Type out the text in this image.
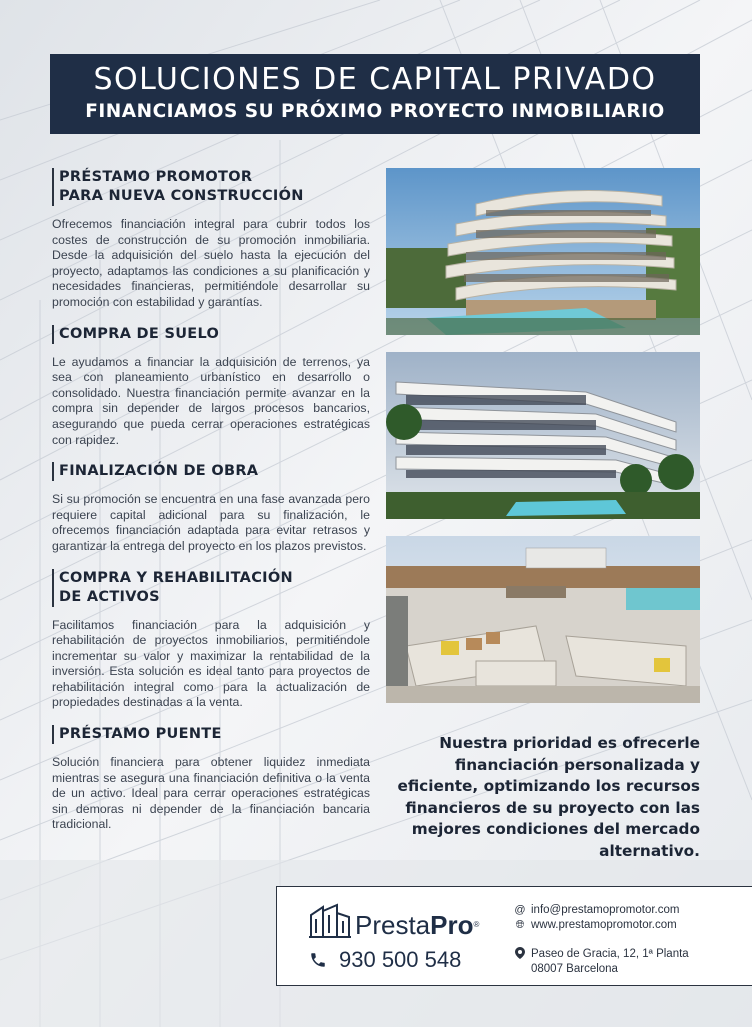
SOLUCIONES DE CAPITAL PRIVADO
FINANCIAMOS SU PRÓXIMO PROYECTO INMOBILIARIO
PRÉSTAMO PROMOTOR
PARA NUEVA CONSTRUCCIÓN

Ofrecemos financiación integral para cubrir todos los costes de construcción de su promoción inmobiliaria. Desde la adquisición del suelo hasta la ejecución del proyecto, adaptamos las condiciones a su planificación y necesidades financieras, permitiéndole desarrollar su promoción con estabilidad y garantías.

COMPRA DE SUELO

Le ayudamos a financiar la adquisición de terrenos, ya sea con planeamiento urbanístico en desarrollo o consolidado. Nuestra financiación permite avanzar en la compra sin depender de largos procesos bancarios, asegurando que pueda cerrar operaciones estratégicas con rapidez.

FINALIZACIÓN DE OBRA

Si su promoción se encuentra en una fase avanzada pero requiere capital adicional para su finalización, le ofrecemos financiación adaptada para evitar retrasos y garantizar la entrega del proyecto en los plazos previstos.

COMPRA Y REHABILITACIÓN
DE ACTIVOS

Facilitamos financiación para la adquisición y rehabilitación de proyectos inmobiliarios, permitiéndole incrementar su valor y maximizar la rentabilidad de la inversión. Esta solución es ideal tanto para proyectos de rehabilitación integral como para la actualización de propiedades destinadas a la venta.

PRÉSTAMO PUENTE

Solución financiera para obtener liquidez inmediata mientras se asegura una financiación definitiva o la venta de un activo. Ideal para cerrar operaciones estratégicas sin demoras ni depender de la financiación bancaria tradicional.

Nuestra prioridad es ofrecerle financiación personalizada y eficiente, optimizando los recursos financieros de su proyecto con las mejores condiciones del mercado alternativo.
PrestaPro®
930 500 548
@ info@prestamopromotor.com
🌐︎ www.prestamopromotor.com
Paseo de Gracia, 12, 1ª Planta
08007 Barcelona
